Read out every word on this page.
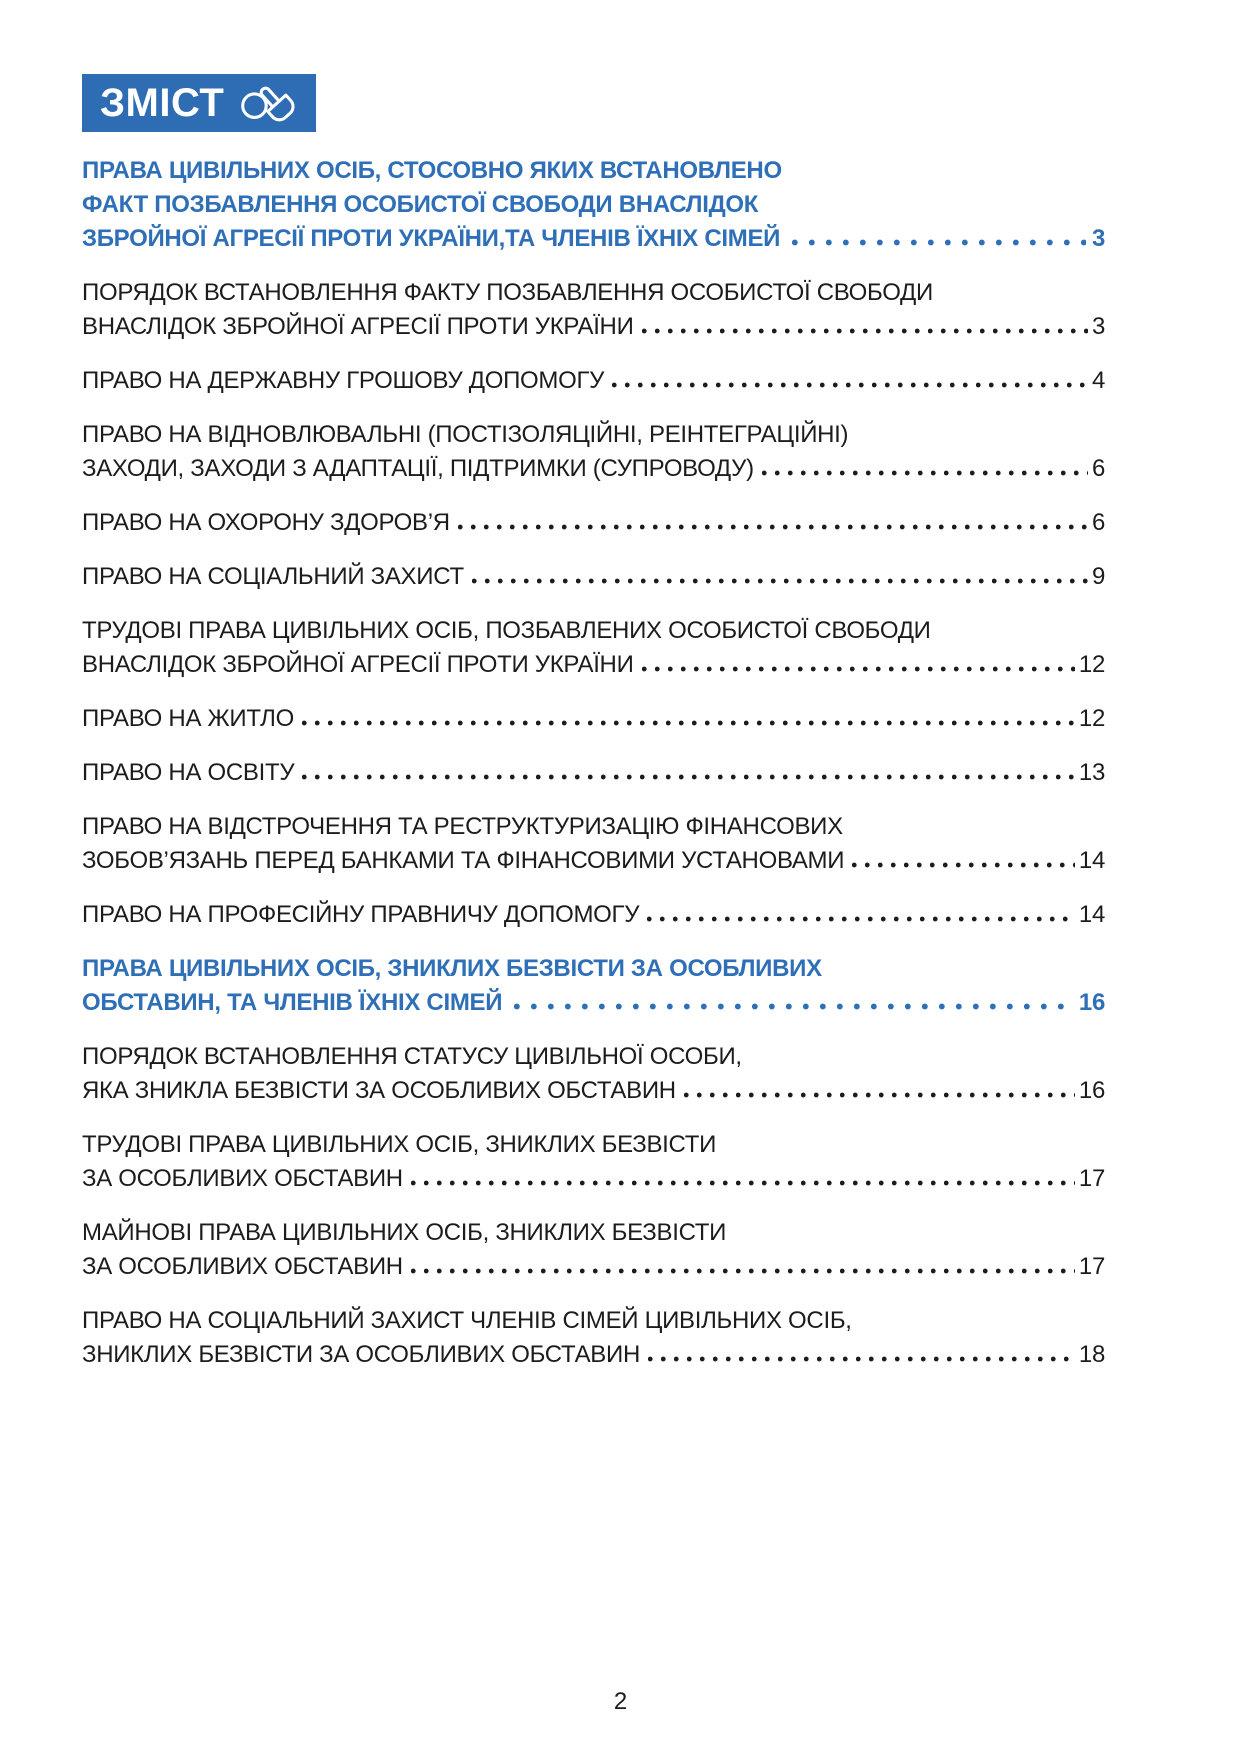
ЗМІСТ
ПРАВА ЦИВІЛЬНИХ ОСІБ, СТОСОВНО ЯКИХ ВСТАНОВЛЕНО
ФАКТ ПОЗБАВЛЕННЯ ОСОБИСТОЇ СВОБОДИ ВНАСЛІДОК
ЗБРОЙНОЇ АГРЕСІЇ ПРОТИ УКРАЇНИ,ТА ЧЛЕНІВ ЇХНІХ СІМЕЙ	3
ПОРЯДОК ВСТАНОВЛЕННЯ ФАКТУ ПОЗБАВЛЕННЯ ОСОБИСТОЇ СВОБОДИ
ВНАСЛІДОК ЗБРОЙНОЇ АГРЕСІЇ ПРОТИ УКРАЇНИ	3
ПРАВО НА ДЕРЖАВНУ ГРОШОВУ ДОПОМОГУ	4
ПРАВО НА ВІДНОВЛЮВАЛЬНІ (ПОСТІЗОЛЯЦІЙНІ, РЕІНТЕГРАЦІЙНІ)
ЗАХОДИ, ЗАХОДИ З АДАПТАЦІЇ, ПІДТРИМКИ (СУПРОВОДУ)	6
ПРАВО НА ОХОРОНУ ЗДОРОВ’Я	6
ПРАВО НА СОЦІАЛЬНИЙ ЗАХИСТ	9
ТРУДОВІ ПРАВА ЦИВІЛЬНИХ ОСІБ, ПОЗБАВЛЕНИХ ОСОБИСТОЇ СВОБОДИ
ВНАСЛІДОК ЗБРОЙНОЇ АГРЕСІЇ ПРОТИ УКРАЇНИ	12
ПРАВО НА ЖИТЛО	12
ПРАВО НА ОСВІТУ	13
ПРАВО НА ВІДСТРОЧЕННЯ ТА РЕСТРУКТУРИЗАЦІЮ ФІНАНСОВИХ
ЗОБОВ’ЯЗАНЬ ПЕРЕД БАНКАМИ ТА ФІНАНСОВИМИ УСТАНОВАМИ	14
ПРАВО НА ПРОФЕСІЙНУ ПРАВНИЧУ ДОПОМОГУ	14
ПРАВА ЦИВІЛЬНИХ ОСІБ, ЗНИКЛИХ БЕЗВІСТИ ЗА ОСОБЛИВИХ
ОБСТАВИН, ТА ЧЛЕНІВ ЇХНІХ СІМЕЙ	16
ПОРЯДОК ВСТАНОВЛЕННЯ СТАТУСУ ЦИВІЛЬНОЇ ОСОБИ,
ЯКА ЗНИКЛА БЕЗВІСТИ ЗА ОСОБЛИВИХ ОБСТАВИН	16
ТРУДОВІ ПРАВА ЦИВІЛЬНИХ ОСІБ, ЗНИКЛИХ БЕЗВІСТИ
ЗА ОСОБЛИВИХ ОБСТАВИН	17
МАЙНОВІ ПРАВА ЦИВІЛЬНИХ ОСІБ, ЗНИКЛИХ БЕЗВІСТИ
ЗА ОСОБЛИВИХ ОБСТАВИН	17
ПРАВО НА СОЦІАЛЬНИЙ ЗАХИСТ ЧЛЕНІВ СІМЕЙ ЦИВІЛЬНИХ ОСІБ,
ЗНИКЛИХ БЕЗВІСТИ ЗА ОСОБЛИВИХ ОБСТАВИН	18
2
